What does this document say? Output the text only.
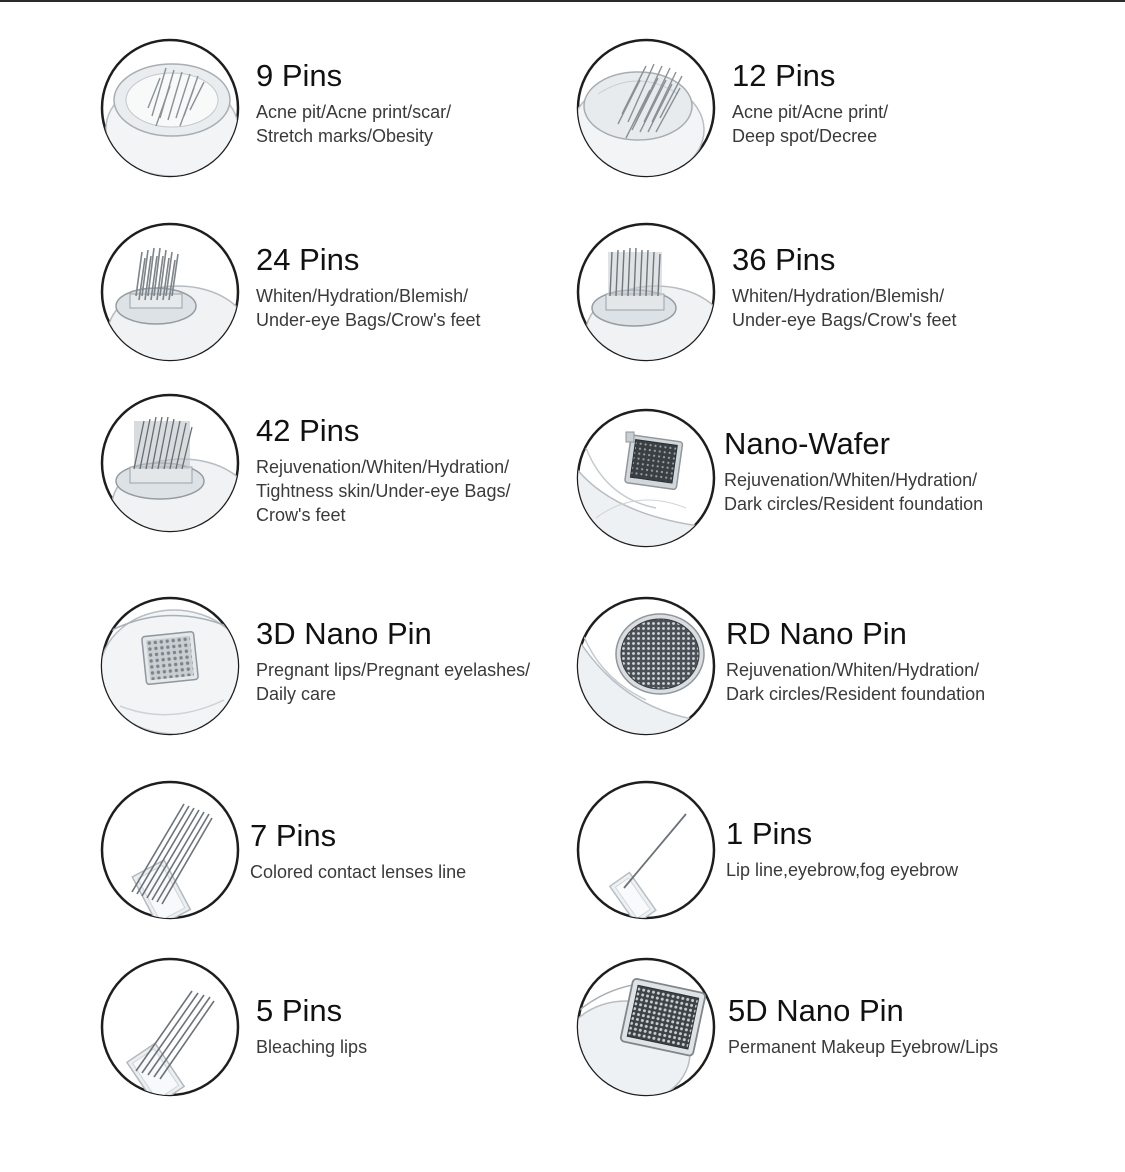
9 Pins
Acne pit/Acne print/scar/
Stretch marks/Obesity
12 Pins
Acne pit/Acne print/
Deep spot/Decree
24 Pins
Whiten/Hydration/Blemish/
Under-eye Bags/Crow's feet
36 Pins
Whiten/Hydration/Blemish/
Under-eye Bags/Crow's feet
42 Pins
Rejuvenation/Whiten/Hydration/
Tightness skin/Under-eye Bags/
Crow's feet
Nano-Wafer
Rejuvenation/Whiten/Hydration/
Dark circles/Resident foundation
3D Nano Pin
Pregnant lips/Pregnant eyelashes/
Daily care
RD Nano Pin
Rejuvenation/Whiten/Hydration/
Dark circles/Resident foundation
7 Pins
Colored contact lenses line
1 Pins
Lip line,eyebrow,fog eyebrow
5 Pins
Bleaching lips
5D Nano Pin
Permanent Makeup Eyebrow/Lips
